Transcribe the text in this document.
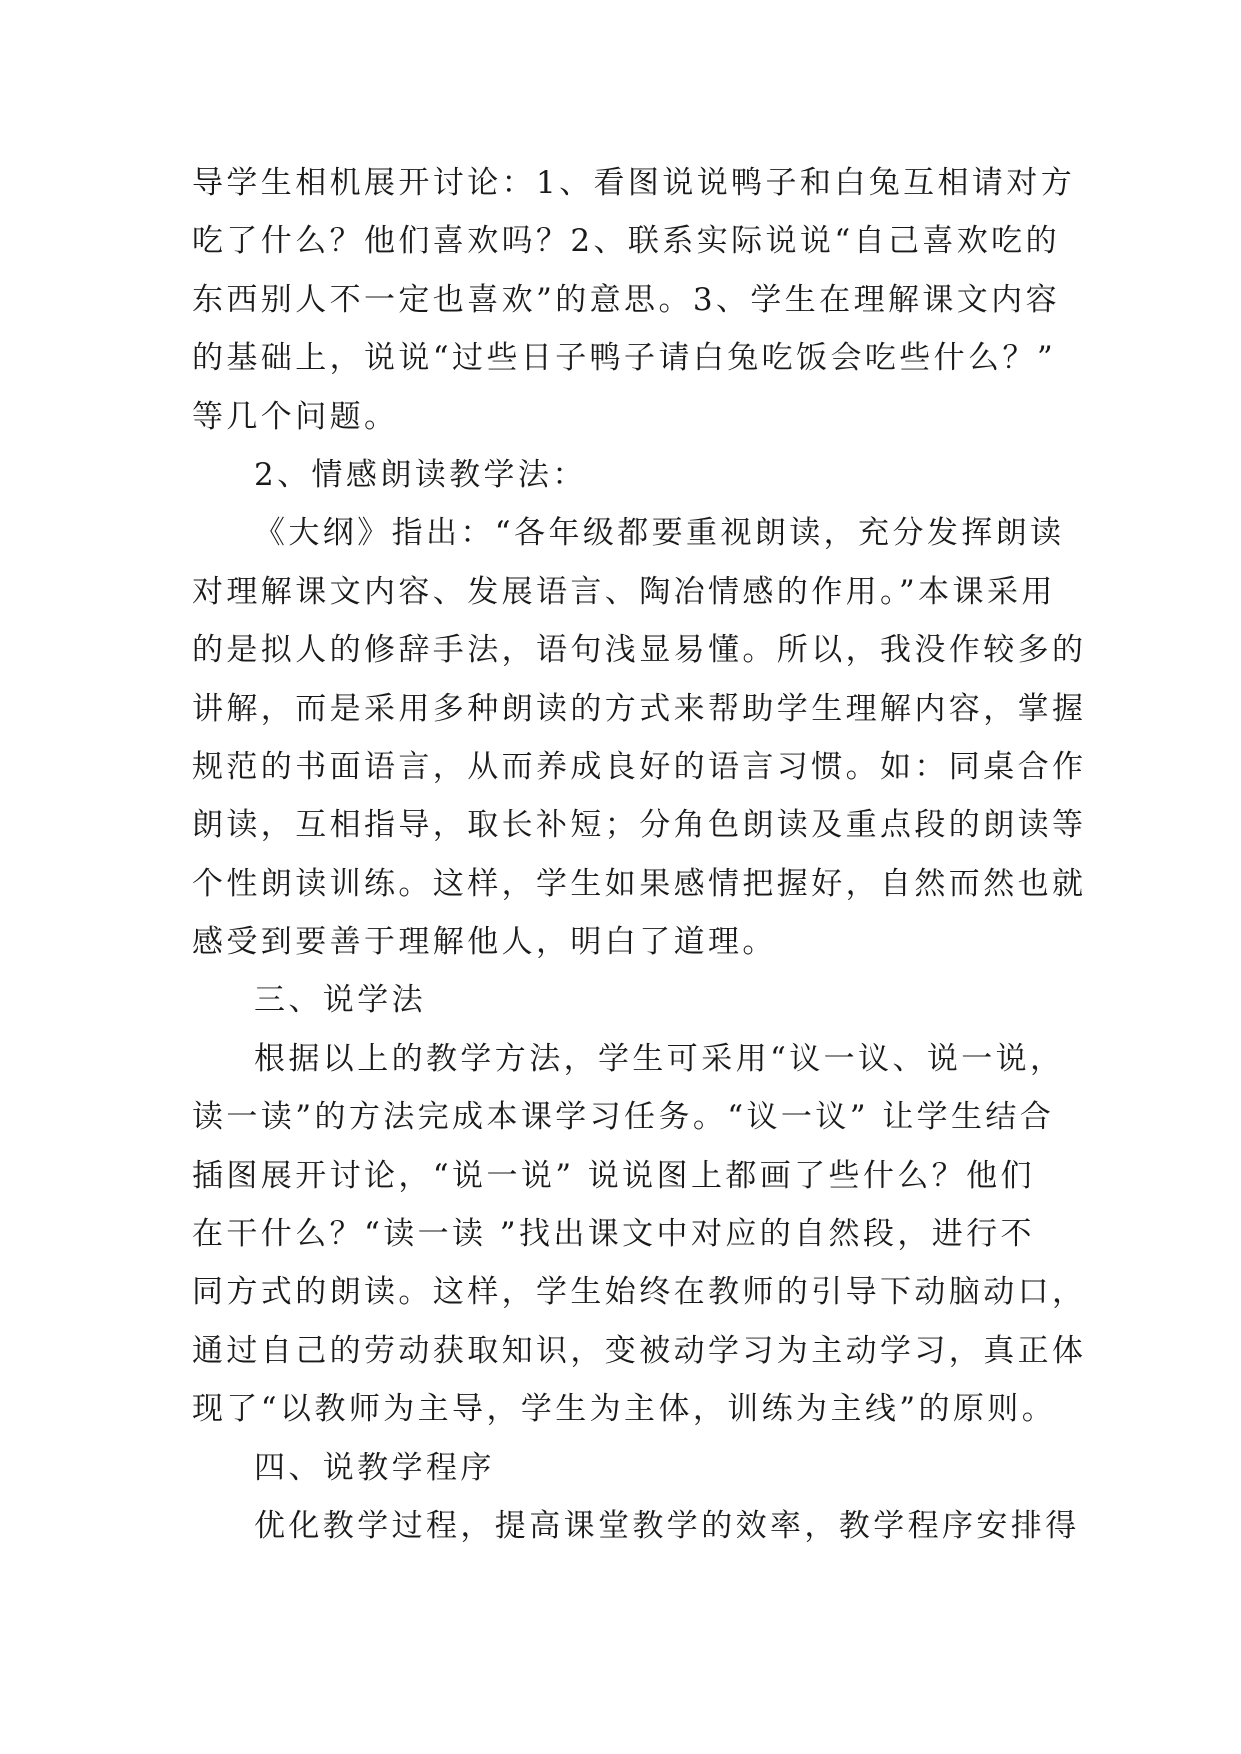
导学生相机展开讨论：1、看图说说鸭子和白兔互相请对方
吃了什么？他们喜欢吗？2、联系实际说说“自己喜欢吃的
东西别人不一定也喜欢”的意思。3、学生在理解课文内容
的基础上，说说“过些日子鸭子请白兔吃饭会吃些什么？”
等几个问题。
2、情感朗读教学法：
《大纲》指出：“各年级都要重视朗读，充分发挥朗读
对理解课文内容、发展语言、陶冶情感的作用。”本课采用
的是拟人的修辞手法，语句浅显易懂。所以，我没作较多的
讲解，而是采用多种朗读的方式来帮助学生理解内容，掌握
规范的书面语言，从而养成良好的语言习惯。如：同桌合作
朗读，互相指导，取长补短；分角色朗读及重点段的朗读等
个性朗读训练。这样，学生如果感情把握好，自然而然也就
感受到要善于理解他人，明白了道理。
三、说学法
根据以上的教学方法，学生可采用“议一议、说一说，
读一读”的方法完成本课学习任务。“议一议” 让学生结合
插图展开讨论，“说一说” 说说图上都画了些什么？他们
在干什么？“读一读 ”找出课文中对应的自然段，进行不
同方式的朗读。这样，学生始终在教师的引导下动脑动口，
通过自己的劳动获取知识，变被动学习为主动学习，真正体
现了“以教师为主导，学生为主体，训练为主线”的原则。
四、说教学程序
优化教学过程，提高课堂教学的效率，教学程序安排得
